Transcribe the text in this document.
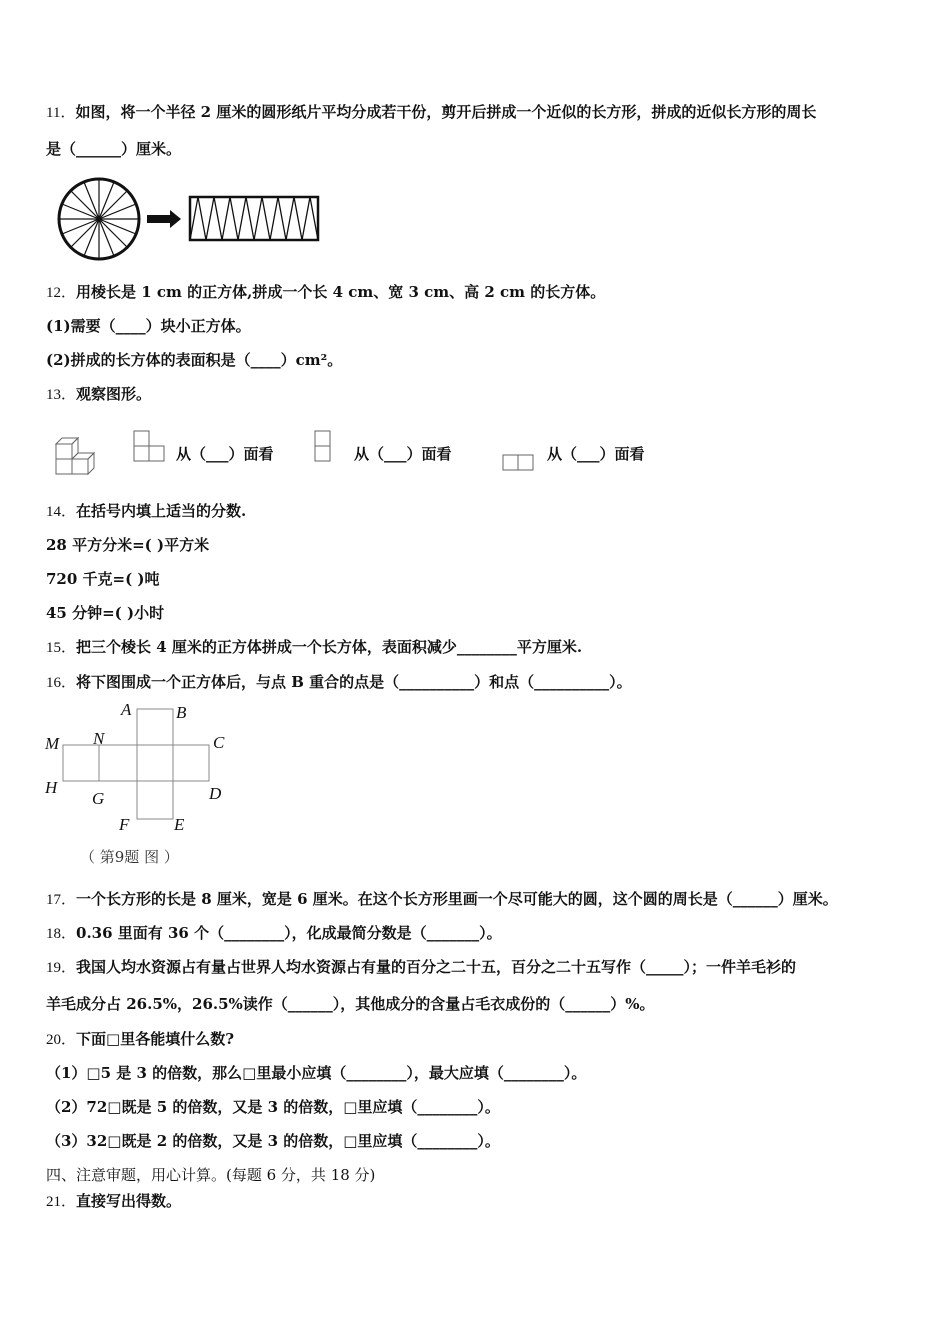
11．如图，将一个半径 2 厘米的圆形纸片平均分成若干份，剪开后拼成一个近似的长方形，拼成的近似长方形的周长
是（______）厘米。
12．用棱长是 1 cm 的正方体,拼成一个长 4 cm、宽 3 cm、高 2 cm 的长方体。
(1)需要（____）块小正方体。
(2)拼成的长方体的表面积是（____）cm²。
13．观察图形。
从（___）面看	从（___）面看	从（___）面看
14．在括号内填上适当的分数.
28 平方分米=( )平方米
720 千克=( )吨
45 分钟=( )小时
15．把三个棱长 4 厘米的正方体拼成一个长方体，表面积减少________平方厘米.
16．将下图围成一个正方体后，与点 B 重合的点是（__________）和点（__________）。
A	B
M N	C
H
G	D
F	E
（ 第9题 图 ）
17．一个长方形的长是 8 厘米，宽是 6 厘米。在这个长方形里画一个尽可能大的圆，这个圆的周长是（______）厘米。
18．0.36 里面有 36 个（________），化成最简分数是（_______）。
19．我国人均水资源占有量占世界人均水资源占有量的百分之二十五，百分之二十五写作（_____）；一件羊毛衫的
羊毛成分占 26.5%，26.5%读作（______），其他成分的含量占毛衣成份的（______）%。
20．下面□里各能填什么数?
（1）□5 是 3 的倍数，那么□里最小应填（________），最大应填（________）。
（2）72□既是 5 的倍数，又是 3 的倍数，□里应填（________）。
（3）32□既是 2 的倍数，又是 3 的倍数，□里应填（________）。
四、注意审题，用心计算。(每题 6 分，共 18 分)
21．直接写出得数。
